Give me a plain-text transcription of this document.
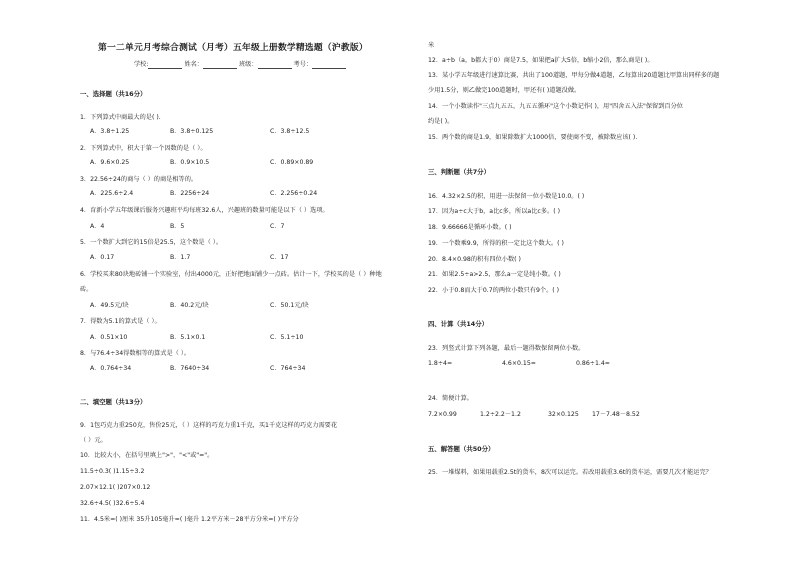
第一二单元月考综合测试（月考）五年级上册数学精选题（沪教版）
学校:	姓名：	班级：	考号：
一、选择题（共16分）
1．下列算式中商最大的是( ).
A．3.8÷1.25	B．3.8÷0.125	C．3.8÷12.5
2．下列算式中，积大于第一个因数的是（ ）。
A．9.6×0.25	B．0.9×10.5	C．0.89×0.89
3．22.56÷24的商与（ ）的商是相等的。
A．225.6÷2.4	B．2256÷24	C．2.256÷0.24
4．育新小学五年级课后服务兴趣班平均每班32.6人，兴趣班的数量可能是以下（ ）选项。
A．4	B．5	C．7
5．一个数扩大到它的15倍是25.5，这个数是（ ）。
A．0.17	B．1.7	C．17
6．学校买来80块地砖铺一个实验室，付出4000元，正好把地面铺少一点砖。估计一下，学校买的是（ ）种地
砖。
A．49.5元/块	B．40.2元/块	C．50.1元/块
7．得数为5.1的算式是（ ）。
A．0.51×10	B．5.1×0.1	C．5.1÷10
8．与76.4÷34得数相等的算式是（ ）。
A．0.764÷34	B．7640÷34	C．764÷34
二、填空题（共13分）
9．1包巧克力重250克，售价25元，（ ）这样的巧克力重1千克，买1千克这样的巧克力需要花
（ ）元。
10．比较大小，在括号里填上">"、"<"或"="。
11.5÷0.3( )1.15÷3.2
2.07×12.1( )207×0.12
32.6÷4.5( )32.6÷5.4
11．4.5米=( )厘米 35升105毫升=( )毫升 1.2平方米－28平方分米=( )平方分
米
12．a÷b（a，b都大于0）商是7.5，如果把a扩大5倍，b缩小2倍，那么商是( )。
13．某小学五年级进行速算比赛，共出了100道题，甲每分做4道题，乙每算出20道题比甲算出同样多的题
少用1.5分，则乙做完100道题时，甲还有( )道题没做。
14．一个小数读作"三点九五五，九五五循环"这个小数记作( )，用"四舍五入法"保留到百分位
约是( )。
15．两个数的商是1.9，如果除数扩大1000倍，要使商不变，被除数应该( ).
三、判断题（共7分）
16．4.32×2.5的积，用进一法保留一位小数是10.0。( )
17．因为a÷c大于b，a比c多，所以a比c多。( )
18．9.66666是循环小数。( )
19．一个数乘9.9，所得的积一定比这个数大。( )
20．8.4×0.98的积有四位小数( )
21．如果2.5÷a>2.5，那么a一定是纯小数。( )
22．小于0.8而大于0.7的两位小数只有9个。( )
四、计算（共14分）
23．列竖式计算下列各题，最后一题得数保留两位小数。
1.8÷4=	4.6×0.15=	0.86÷1.4≈
24．简便计算。
7.2×0.99	1.2÷2.2－1.2	32×0.125 17－7.48－8.52
五、解答题（共50分）
25．一堆煤料，如果用载重2.5t的货车，8次可以运完。若改用载重3.6t的货车运，需要几次才能运完？
